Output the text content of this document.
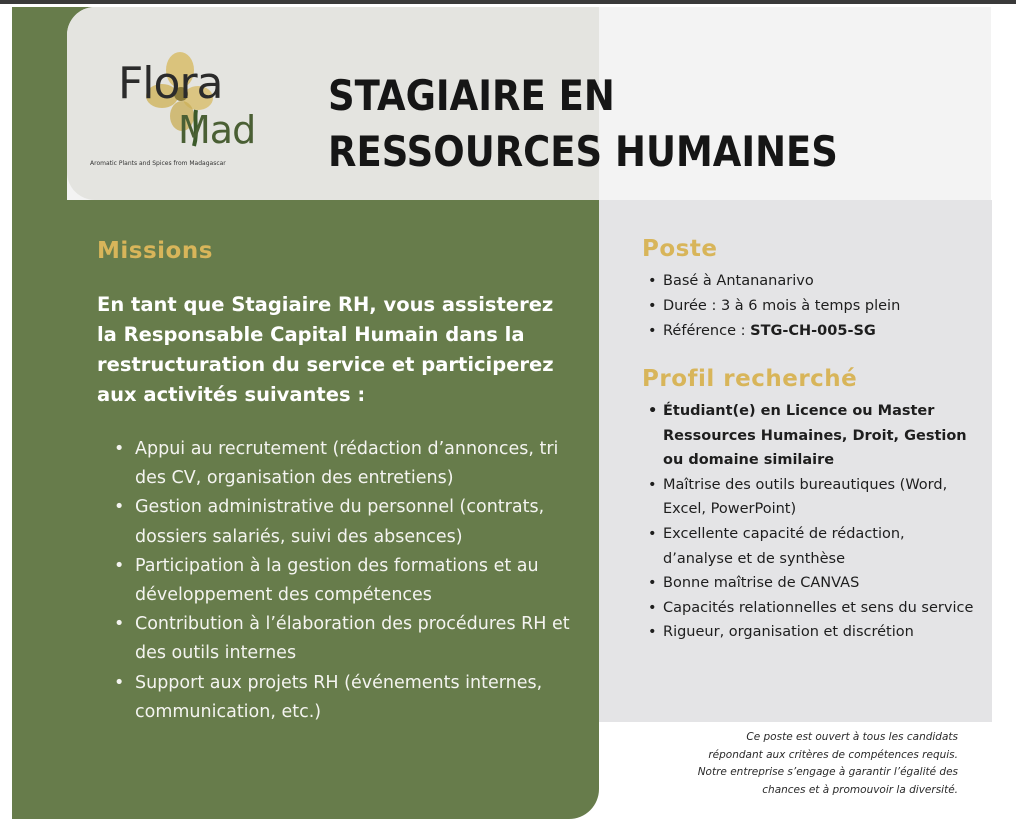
Flora
Mad
Aromatic Plants and Spices from Madagascar
STAGIAIRE EN
RESSOURCES HUMAINES
Missions
En tant que Stagiaire RH, vous assisterez la Responsable Capital Humain dans la restructuration du service et participerez aux activités suivantes :
• Appui au recrutement (rédaction d’annonces, tri des CV, organisation des entretiens)
• Gestion administrative du personnel (contrats, dossiers salariés, suivi des absences)
• Participation à la gestion des formations et au développement des compétences
• Contribution à l’élaboration des procédures RH et des outils internes
• Support aux projets RH (événements internes, communication, etc.)
Poste
• Basé à Antananarivo
• Durée : 3 à 6 mois à temps plein
• Référence : STG-CH-005-SG
Profil recherché
• Étudiant(e) en Licence ou Master Ressources Humaines, Droit, Gestion ou domaine similaire
• Maîtrise des outils bureautiques (Word, Excel, PowerPoint)
• Excellente capacité de rédaction, d’analyse et de synthèse
• Bonne maîtrise de CANVAS
• Capacités relationnelles et sens du service
• Rigueur, organisation et discrétion
Ce poste est ouvert à tous les candidats
répondant aux critères de compétences requis.
Notre entreprise s’engage à garantir l’égalité des
chances et à promouvoir la diversité.
